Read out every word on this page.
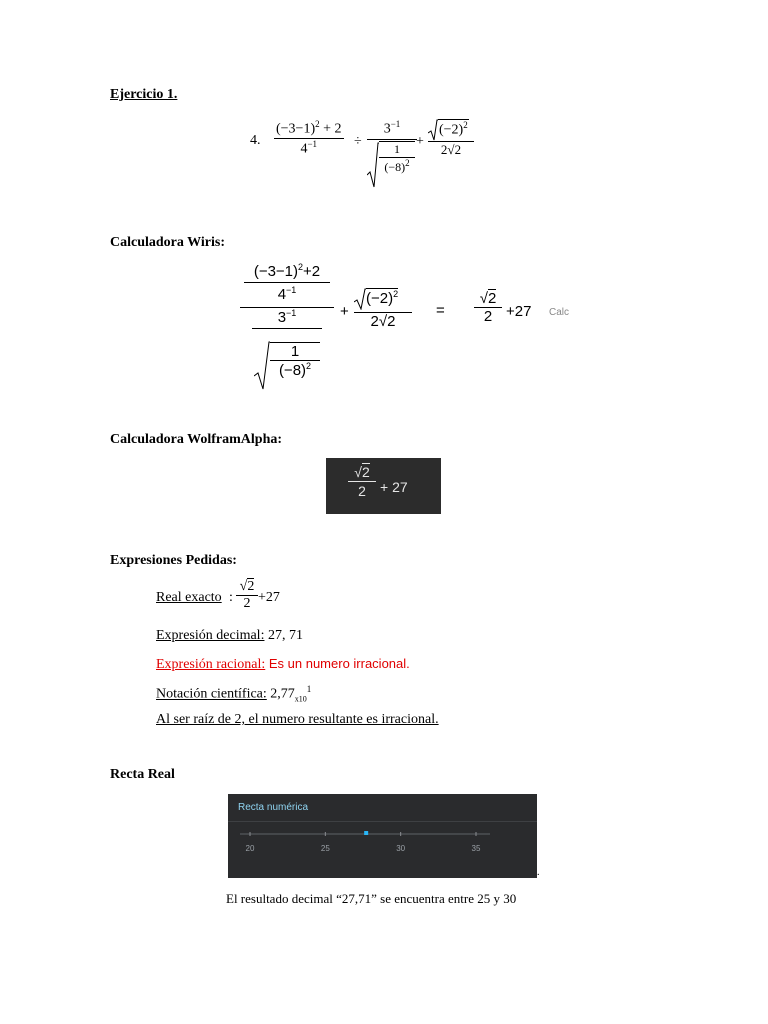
Ejercicio 1.
4.
$(-3-1)^2 + 2$
$4^{-1}$	÷
$3^{-1}$
1
$(-8)^2$
+
$(-2)^2$
2√2
Calculadora Wiris:
$(-3-1)^2+2$
$4^{-1}$
$3^{-1}$
1
$(-8)^2$
+
$(-2)^2$
2√2
=
√2
2 +27 Calc
Calculadora WolframAlpha:
√2
2	+ 27
Expresiones Pedidas:
Real exacto :
√2
2 +27
Expresión decimal: 27, 71
Expresión racional: Es un numero irracional.
Notación científica: $2,77_{x10}^1$
Al ser raíz de 2, el numero resultante es irracional.
Recta Real
Recta numérica
20	25	30	35
.
El resultado decimal “27,71” se encuentra entre 25 y 30
